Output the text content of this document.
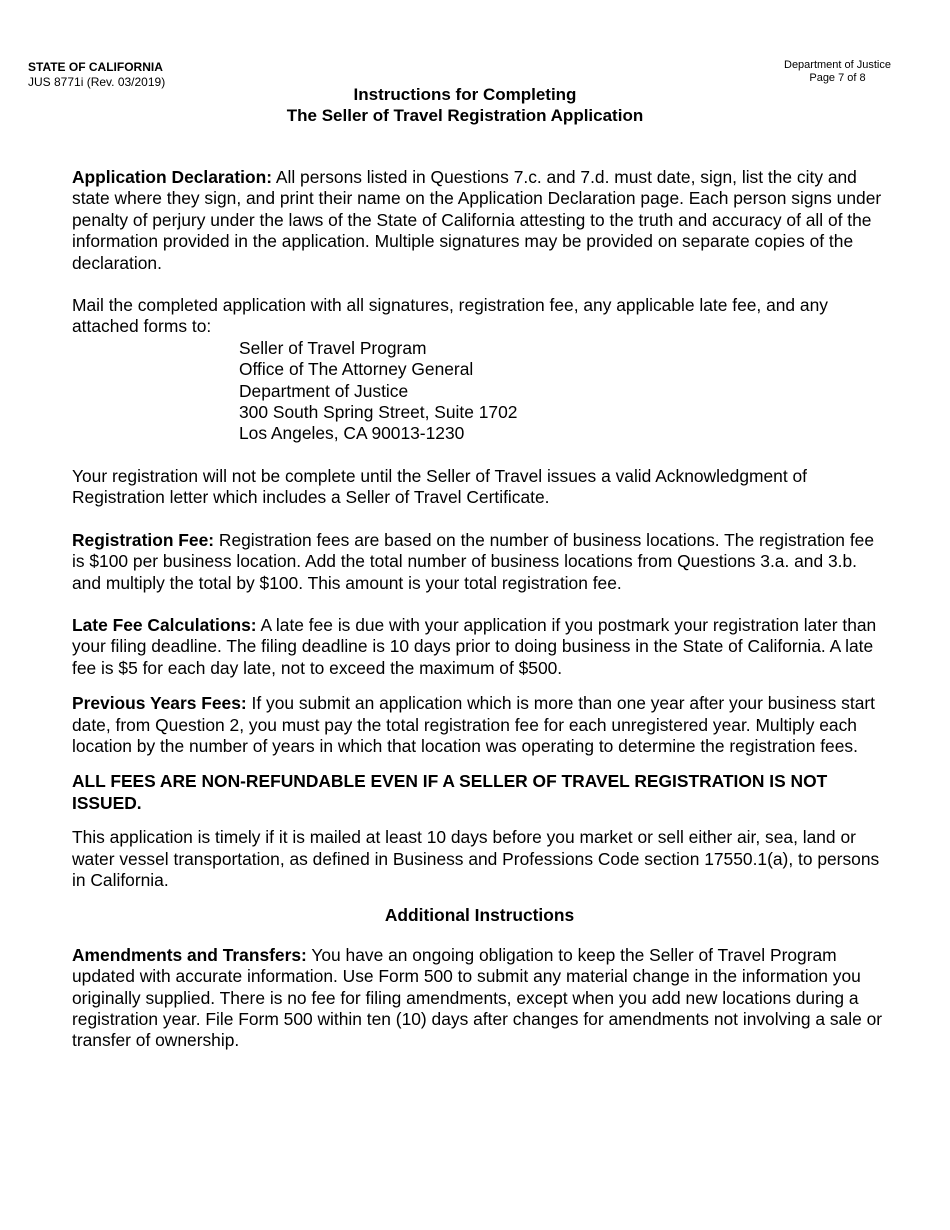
STATE OF CALIFORNIA
JUS 8771i (Rev. 03/2019)
Department of Justice
Page 7 of 8
Instructions for Completing
The Seller of Travel Registration Application

Application Declaration: All persons listed in Questions 7.c. and 7.d. must date, sign, list the city and state where they sign, and print their name on the Application Declaration page. Each person signs under penalty of perjury under the laws of the State of California attesting to the truth and accuracy of all of the information provided in the application. Multiple signatures may be provided on separate copies of the declaration.

Mail the completed application with all signatures, registration fee, any applicable late fee, and any attached forms to:

Seller of Travel Program
Office of The Attorney General
Department of Justice
300 South Spring Street, Suite 1702
Los Angeles, CA 90013-1230

Your registration will not be complete until the Seller of Travel issues a valid Acknowledgment of Registration letter which includes a Seller of Travel Certificate.

Registration Fee: Registration fees are based on the number of business locations. The registration fee is $100 per business location. Add the total number of business locations from Questions 3.a. and 3.b. and multiply the total by $100. This amount is your total registration fee.

Late Fee Calculations: A late fee is due with your application if you postmark your registration later than your filing deadline. The filing deadline is 10 days prior to doing business in the State of California. A late fee is $5 for each day late, not to exceed the maximum of $500.

Previous Years Fees: If you submit an application which is more than one year after your business start date, from Question 2, you must pay the total registration fee for each unregistered year. Multiply each location by the number of years in which that location was operating to determine the registration fees.

ALL FEES ARE NON-REFUNDABLE EVEN IF A SELLER OF TRAVEL REGISTRATION IS NOT ISSUED.

This application is timely if it is mailed at least 10 days before you market or sell either air, sea, land or water vessel transportation, as defined in Business and Professions Code section 17550.1(a), to persons in California.

Additional Instructions

Amendments and Transfers: You have an ongoing obligation to keep the Seller of Travel Program updated with accurate information. Use Form 500 to submit any material change in the information you originally supplied. There is no fee for filing amendments, except when you add new locations during a registration year. File Form 500 within ten (10) days after changes for amendments not involving a sale or transfer of ownership.
